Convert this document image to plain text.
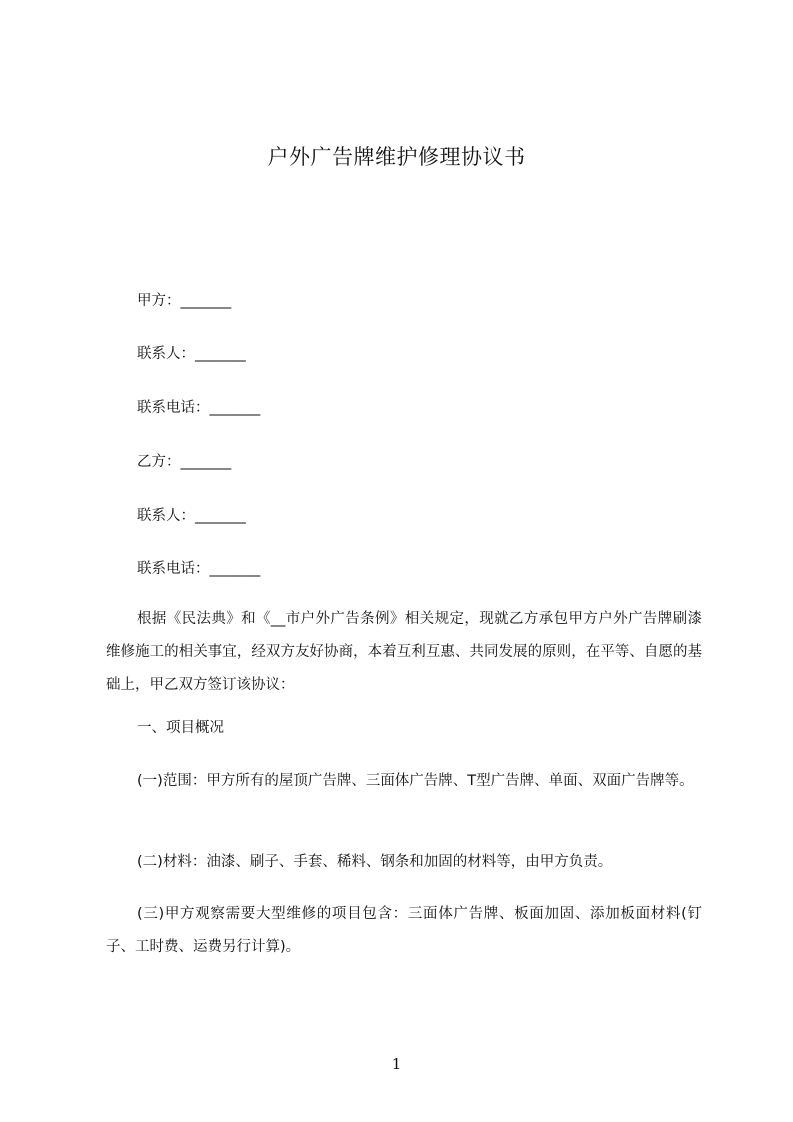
户外广告牌维护修理协议书
甲方：_______
联系人：_______
联系电话：_______
乙方：_______
联系人：_______
联系电话：_______
根据《民法典》和《__市户外广告条例》相关规定，现就乙方承包甲方户外广告牌刷漆维修施工的相关事宜，经双方友好协商，本着互利互惠、共同发展的原则，在平等、自愿的基础上，甲乙双方签订该协议：
一、项目概况
(一)范围：甲方所有的屋顶广告牌、三面体广告牌、T型广告牌、单面、双面广告牌等。
(二)材料：油漆、刷子、手套、稀料、钢条和加固的材料等，由甲方负责。
(三)甲方观察需要大型维修的项目包含：三面体广告牌、板面加固、添加板面材料(钉子、工时费、运费另行计算)。
1
